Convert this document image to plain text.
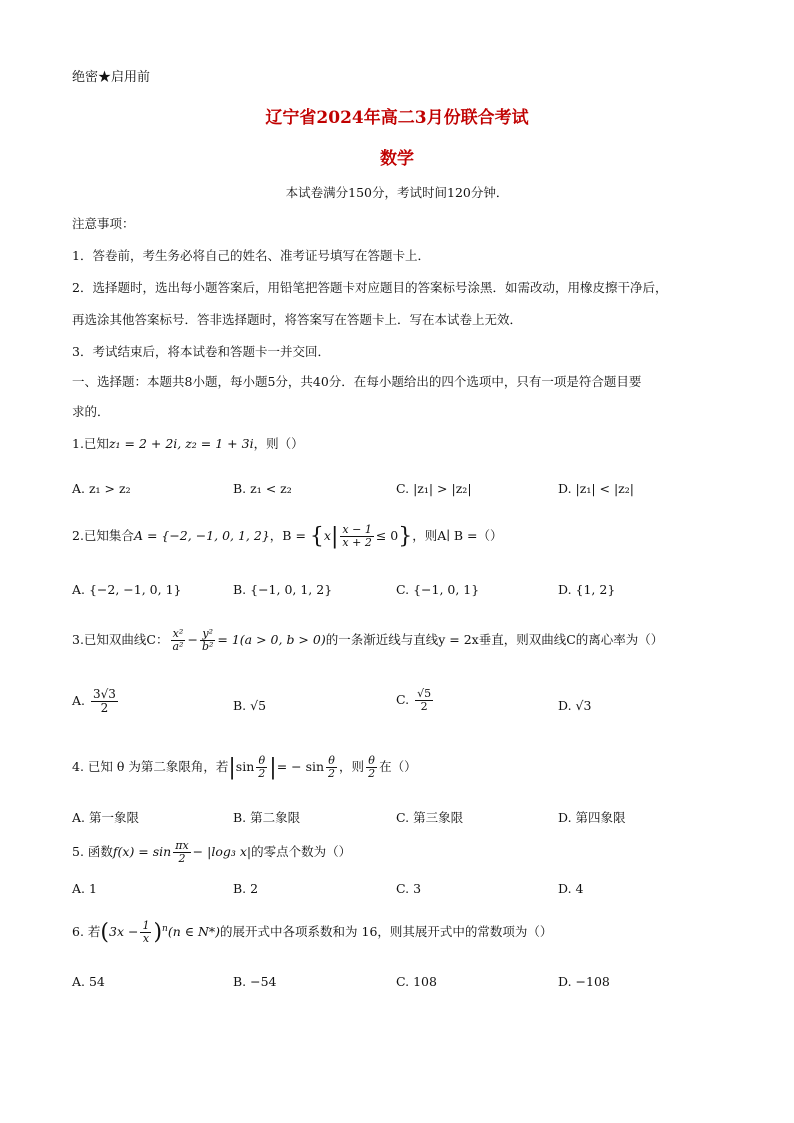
绝密★启用前
辽宁省2024年高二3月份联合考试
数学
本试卷满分150分，考试时间120分钟．
注意事项：
1．答卷前，考生务必将自己的姓名、准考证号填写在答题卡上．
2．选择题时，选出每小题答案后，用铅笔把答题卡对应题目的答案标号涂黑．如需改动，用橡皮擦干净后，
再选涂其他答案标号．答非选择题时，将答案写在答题卡上．写在本试卷上无效．
3．考试结束后，将本试卷和答题卡一并交回．
一、选择题：本题共8小题，每小题5分，共40分．在每小题给出的四个选项中，只有一项是符合题目要
求的．
1.已知z₁ = 2 + 2i, z₂ = 1 + 3i，则（）
A. z₁ > z₂	B. z₁ < z₂	C. |z₁| > |z₂|	D. |z₁| < |z₂|
2.已知集合A = {−2, −1, 0, 1, 2}，$B = \{x| \frac{x - 1}{x + 2} \le 0\}$，则A∣ B =（）
A. {−2, −1, 0, 1}	B. {−1, 0, 1, 2}	C. {−1, 0, 1}	D. {1, 2}
3.已知双曲线C： $\frac{\text{x²}}{\text{a²}} - \frac{\text{y²}}{\text{b²}} = 1(a > 0$, b > 0)的一条渐近线与直线y = 2x垂直，则双曲线C的离心率为（）
A. $\frac{3√3}{2}$	B. √5	C. $\frac{√5}{2}$	D. √3
4. 已知 θ 为第二象限角，若$|\sin \frac{\theta}{2}$ |= − $\sin \frac{\theta}{2}$ ，则 $\frac{\theta}{2}$ 在（）
A. 第一象限	B. 第二象限	C. 第三象限	D. 第四象限
5. 函数$f(x) = \sin \frac{\pi x}{2} - |\log_3$ x|的零点个数为（）
A. 1	B. 2	C. 3	D. 4
6. 若$(3x - \frac{1}{x} )^n(n$ ∈ N*)的展开式中各项系数和为 16，则其展开式中的常数项为（）
A. 54	B. −54	C. 108	D. −108
